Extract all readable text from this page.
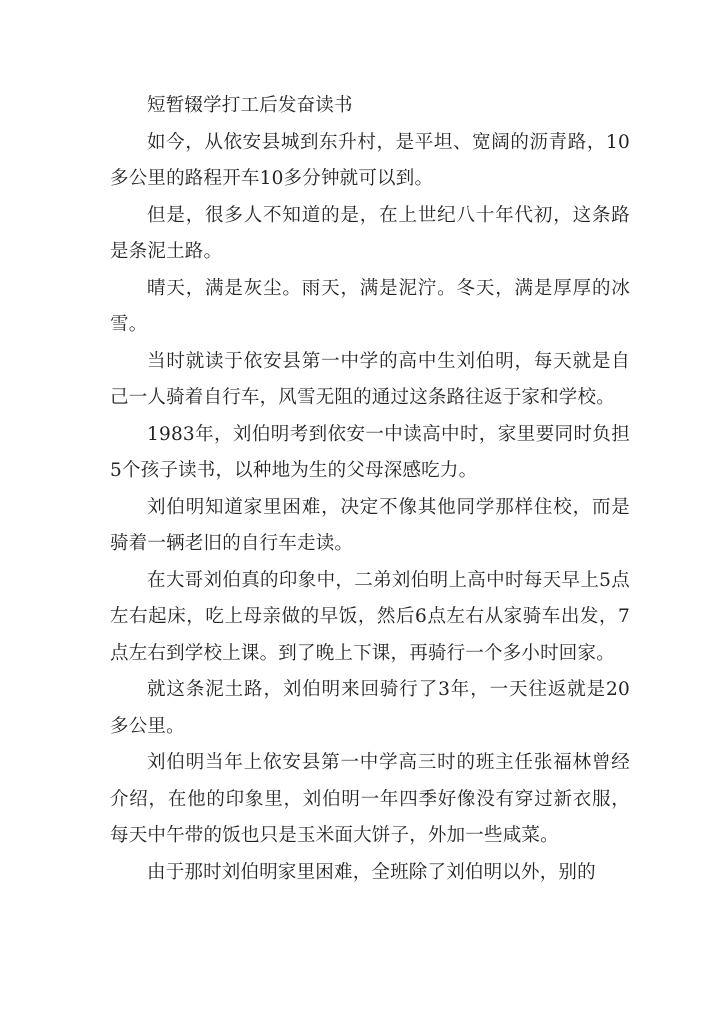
短暂辍学打工后发奋读书

如今，从依安县城到东升村，是平坦、宽阔的沥青路，10多公里的路程开车10多分钟就可以到。

但是，很多人不知道的是，在上世纪八十年代初，这条路是条泥土路。

晴天，满是灰尘。雨天，满是泥泞。冬天，满是厚厚的冰雪。

当时就读于依安县第一中学的高中生刘伯明，每天就是自己一人骑着自行车，风雪无阻的通过这条路往返于家和学校。

1983年，刘伯明考到依安一中读高中时，家里要同时负担5个孩子读书，以种地为生的父母深感吃力。

刘伯明知道家里困难，决定不像其他同学那样住校，而是骑着一辆老旧的自行车走读。

在大哥刘伯真的印象中，二弟刘伯明上高中时每天早上5点左右起床，吃上母亲做的早饭，然后6点左右从家骑车出发，7点左右到学校上课。到了晚上下课，再骑行一个多小时回家。

就这条泥土路，刘伯明来回骑行了3年，一天往返就是20多公里。

刘伯明当年上依安县第一中学高三时的班主任张福林曾经介绍，在他的印象里，刘伯明一年四季好像没有穿过新衣服，每天中午带的饭也只是玉米面大饼子，外加一些咸菜。

由于那时刘伯明家里困难，全班除了刘伯明以外，别的
